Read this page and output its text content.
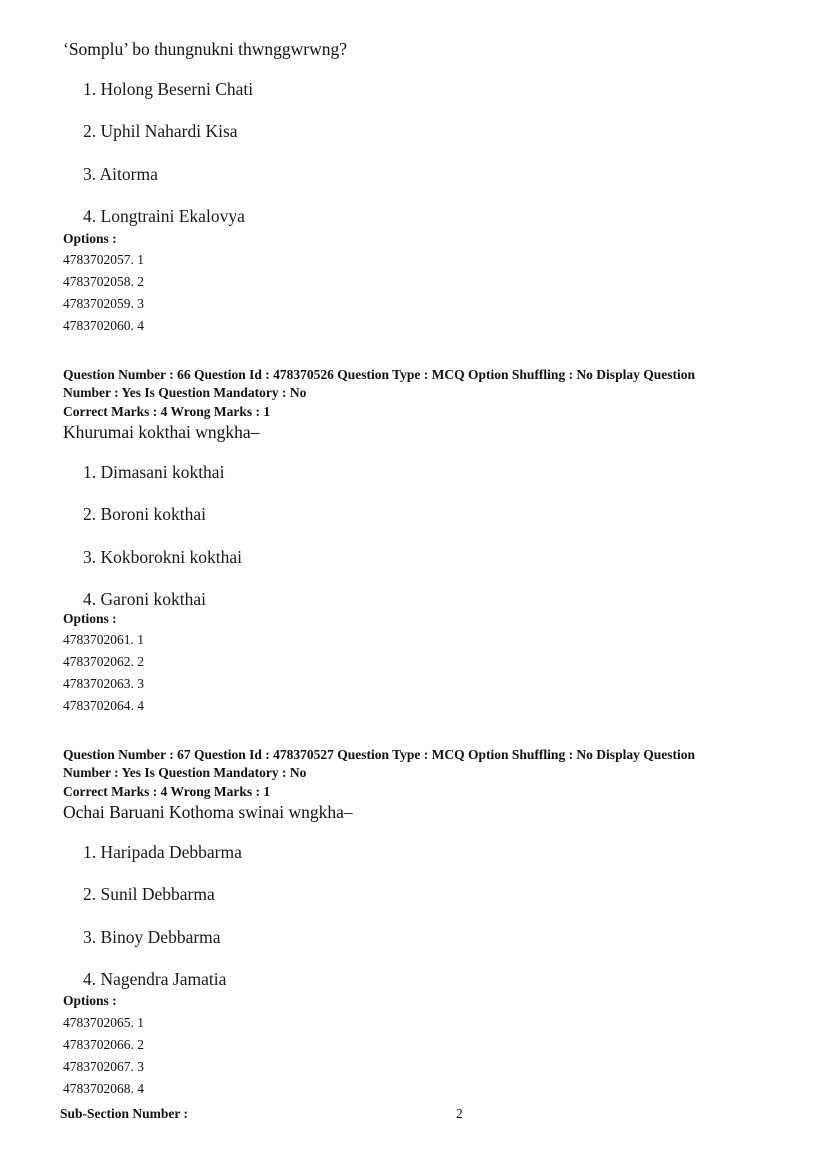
‘Somplu’ bo thungnukni thwnggwrwng?
1. Holong Beserni Chati
2. Uphil Nahardi Kisa
3. Aitorma
4. Longtraini Ekalovya
Options :
4783702057. 1
4783702058. 2
4783702059. 3
4783702060. 4
Question Number : 66 Question Id : 478370526 Question Type : MCQ Option Shuffling : No Display Question
Number : Yes Is Question Mandatory : No
Correct Marks : 4 Wrong Marks : 1
Khurumai kokthai wngkha–
1. Dimasani kokthai
2. Boroni kokthai
3. Kokborokni kokthai
4. Garoni kokthai
Options :
4783702061. 1
4783702062. 2
4783702063. 3
4783702064. 4
Question Number : 67 Question Id : 478370527 Question Type : MCQ Option Shuffling : No Display Question
Number : Yes Is Question Mandatory : No
Correct Marks : 4 Wrong Marks : 1
Ochai Baruani Kothoma swinai wngkha–
1. Haripada Debbarma
2. Sunil Debbarma
3. Binoy Debbarma
4. Nagendra Jamatia
Options :
4783702065. 1
4783702066. 2
4783702067. 3
4783702068. 4
Sub-Section Number :	2
